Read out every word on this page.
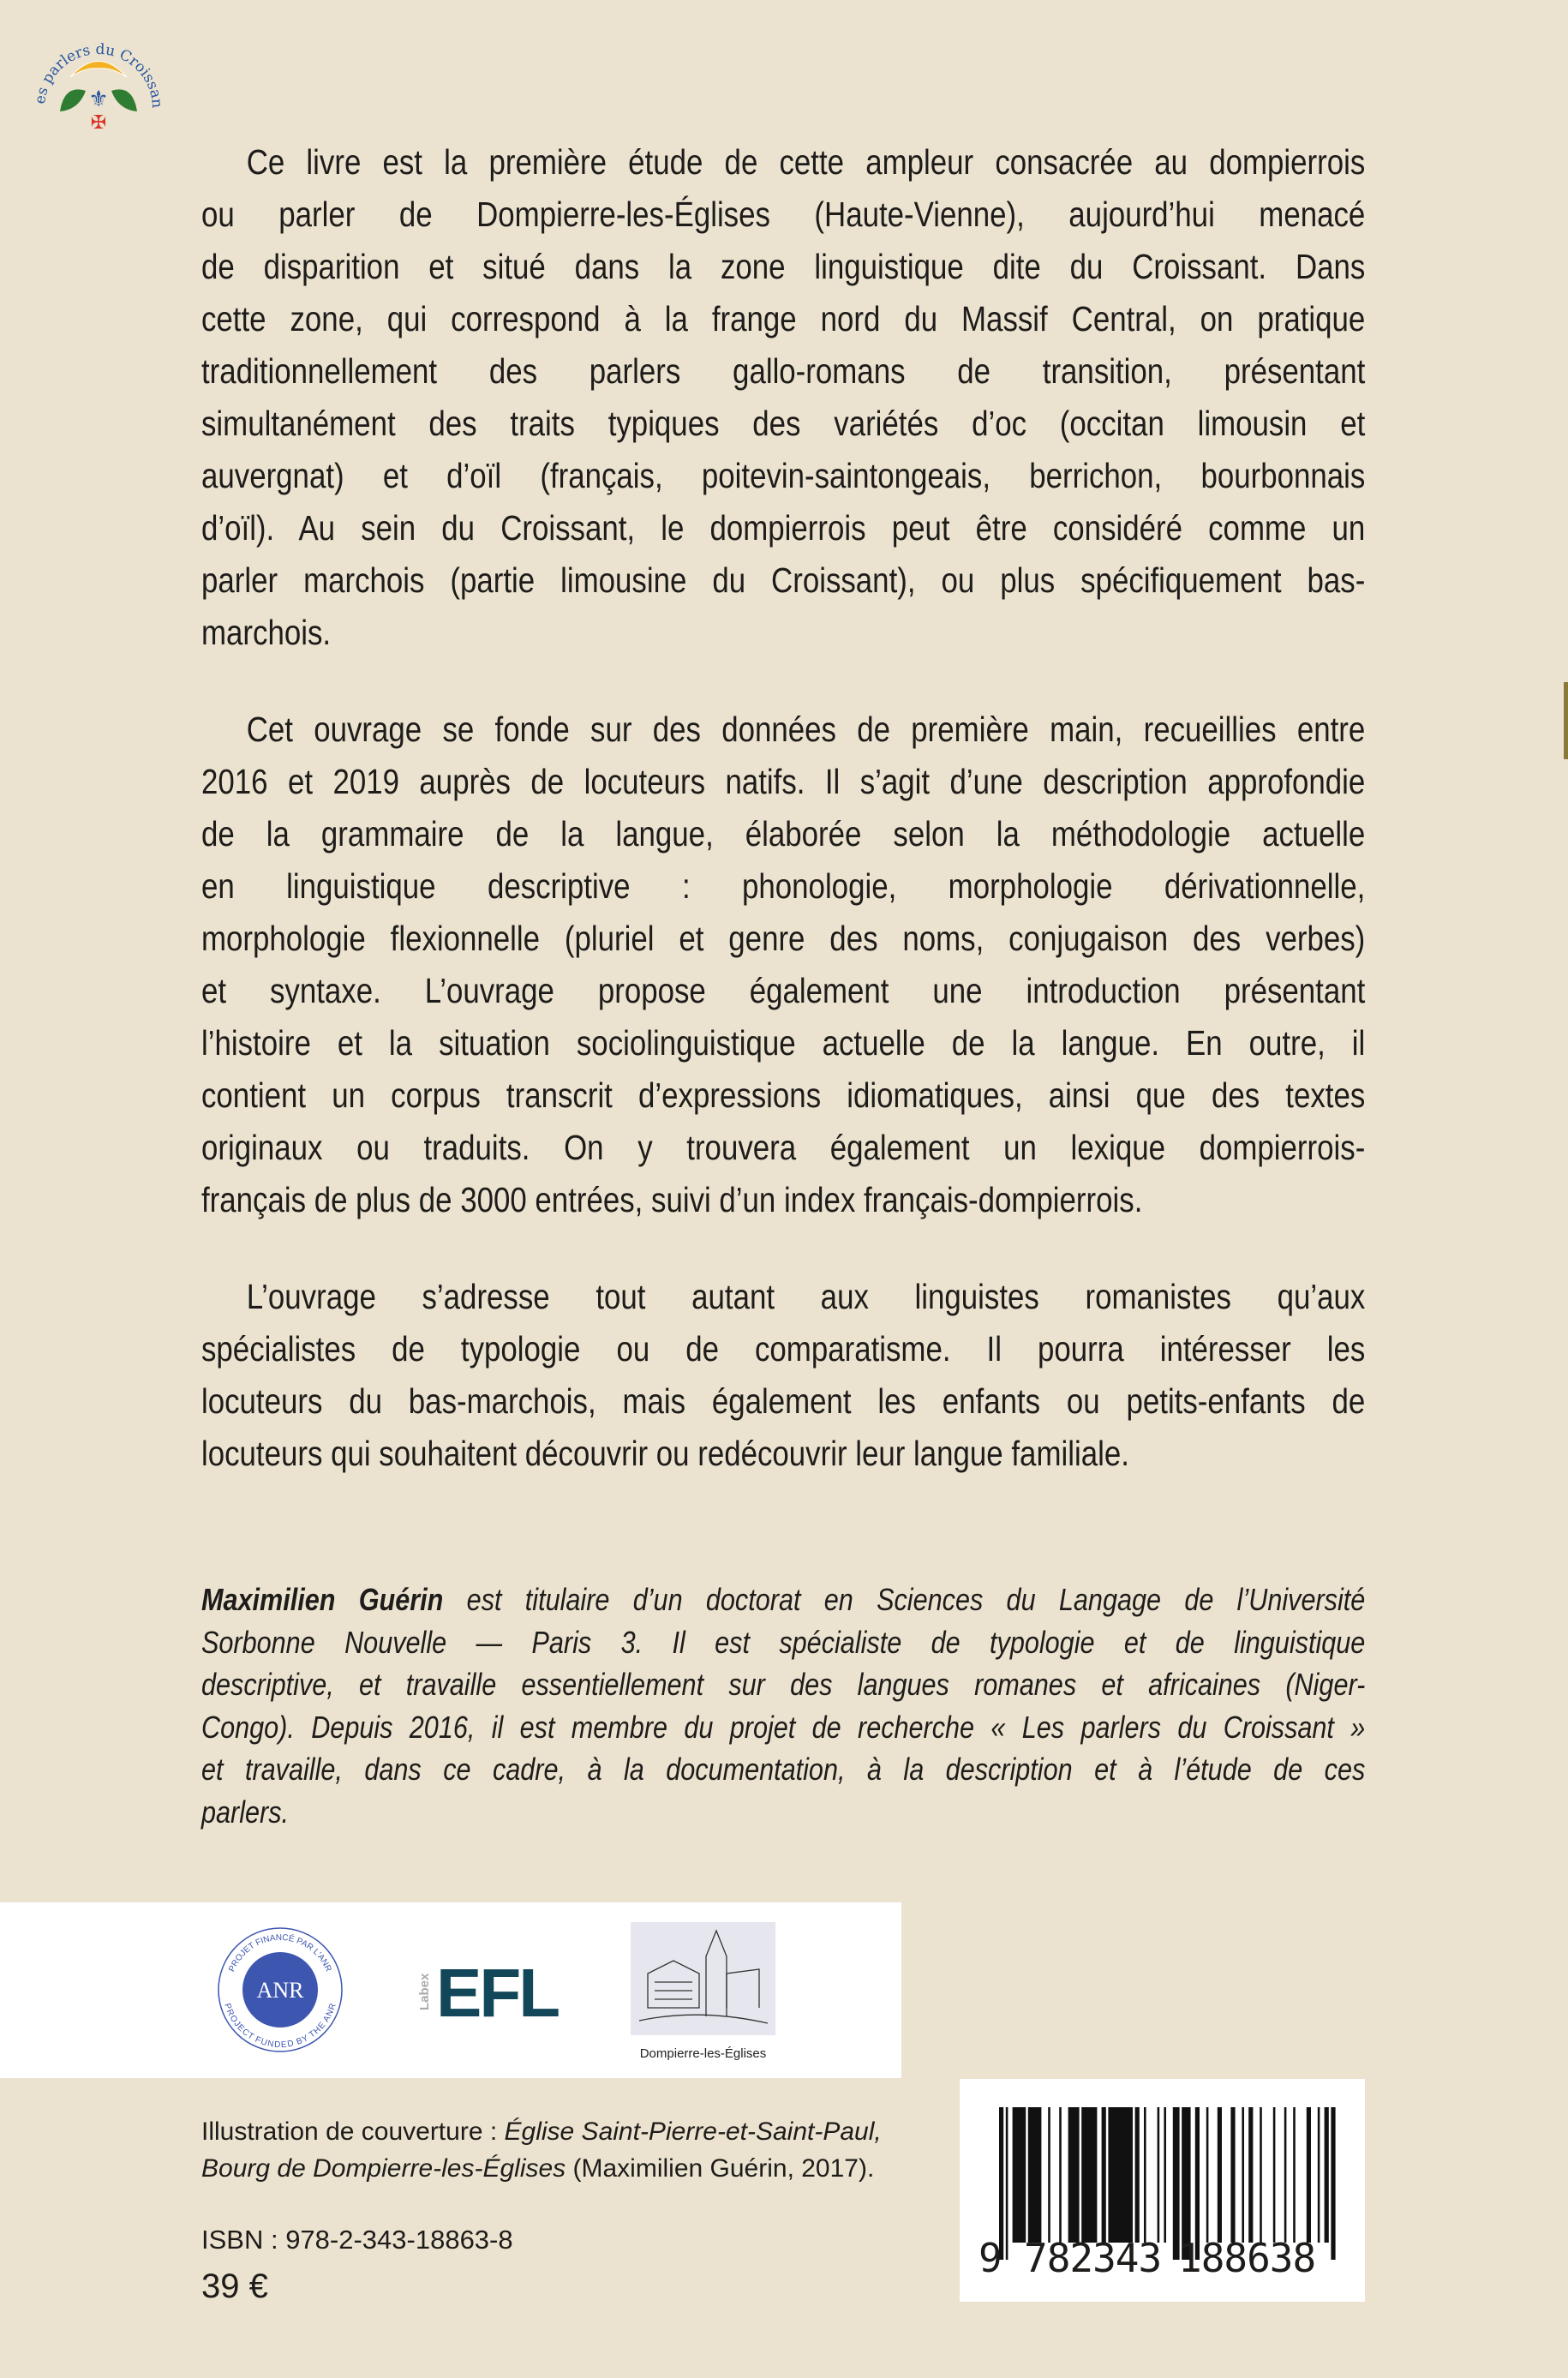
es parlers du Croissan
⚜
✠
Ce livre est la première étude de cette ampleur consacrée au dompierrois
ou parler de Dompierre-les-Églises (Haute-Vienne), aujourd’hui menacé
de disparition et situé dans la zone linguistique dite du Croissant. Dans
cette zone, qui correspond à la frange nord du Massif Central, on pratique
traditionnellement des parlers gallo-romans de transition, présentant
simultanément des traits typiques des variétés d’oc (occitan limousin et
auvergnat) et d’oïl (français, poitevin-saintongeais, berrichon, bourbonnais
d’oïl). Au sein du Croissant, le dompierrois peut être considéré comme un
parler marchois (partie limousine du Croissant), ou plus spécifiquement bas-
marchois.
Cet ouvrage se fonde sur des données de première main, recueillies entre
2016 et 2019 auprès de locuteurs natifs. Il s’agit d’une description approfondie
de la grammaire de la langue, élaborée selon la méthodologie actuelle
en linguistique descriptive : phonologie, morphologie dérivationnelle,
morphologie flexionnelle (pluriel et genre des noms, conjugaison des verbes)
et syntaxe. L’ouvrage propose également une introduction présentant
l’histoire et la situation sociolinguistique actuelle de la langue. En outre, il
contient un corpus transcrit d’expressions idiomatiques, ainsi que des textes
originaux ou traduits. On y trouvera également un lexique dompierrois-
français de plus de 3000 entrées, suivi d’un index français-dompierrois.
L’ouvrage s’adresse tout autant aux linguistes romanistes qu’aux
spécialistes de typologie ou de comparatisme. Il pourra intéresser les
locuteurs du bas-marchois, mais également les enfants ou petits-enfants de
locuteurs qui souhaitent découvrir ou redécouvrir leur langue familiale.
Maximilien Guérin est titulaire d’un doctorat en Sciences du Langage de l’Université
Sorbonne Nouvelle — Paris 3. Il est spécialiste de typologie et de linguistique
descriptive, et travaille essentiellement sur des langues romanes et africaines (Niger-
Congo). Depuis 2016, il est membre du projet de recherche « Les parlers du Croissant »
et travaille, dans ce cadre, à la documentation, à la description et à l’étude de ces
parlers.
ANR
PROJET FINANCÉ PAR L'ANR
PROJECT FUNDED BY THE ANR	Labex EFL
Dompierre-les-Églises
Illustration de couverture : Église Saint-Pierre-et-Saint-Paul,
Bourg de Dompierre-les-Églises (Maximilien Guérin, 2017).
ISBN : 978-2-343-18863-8
39 €
9 782343 188638
